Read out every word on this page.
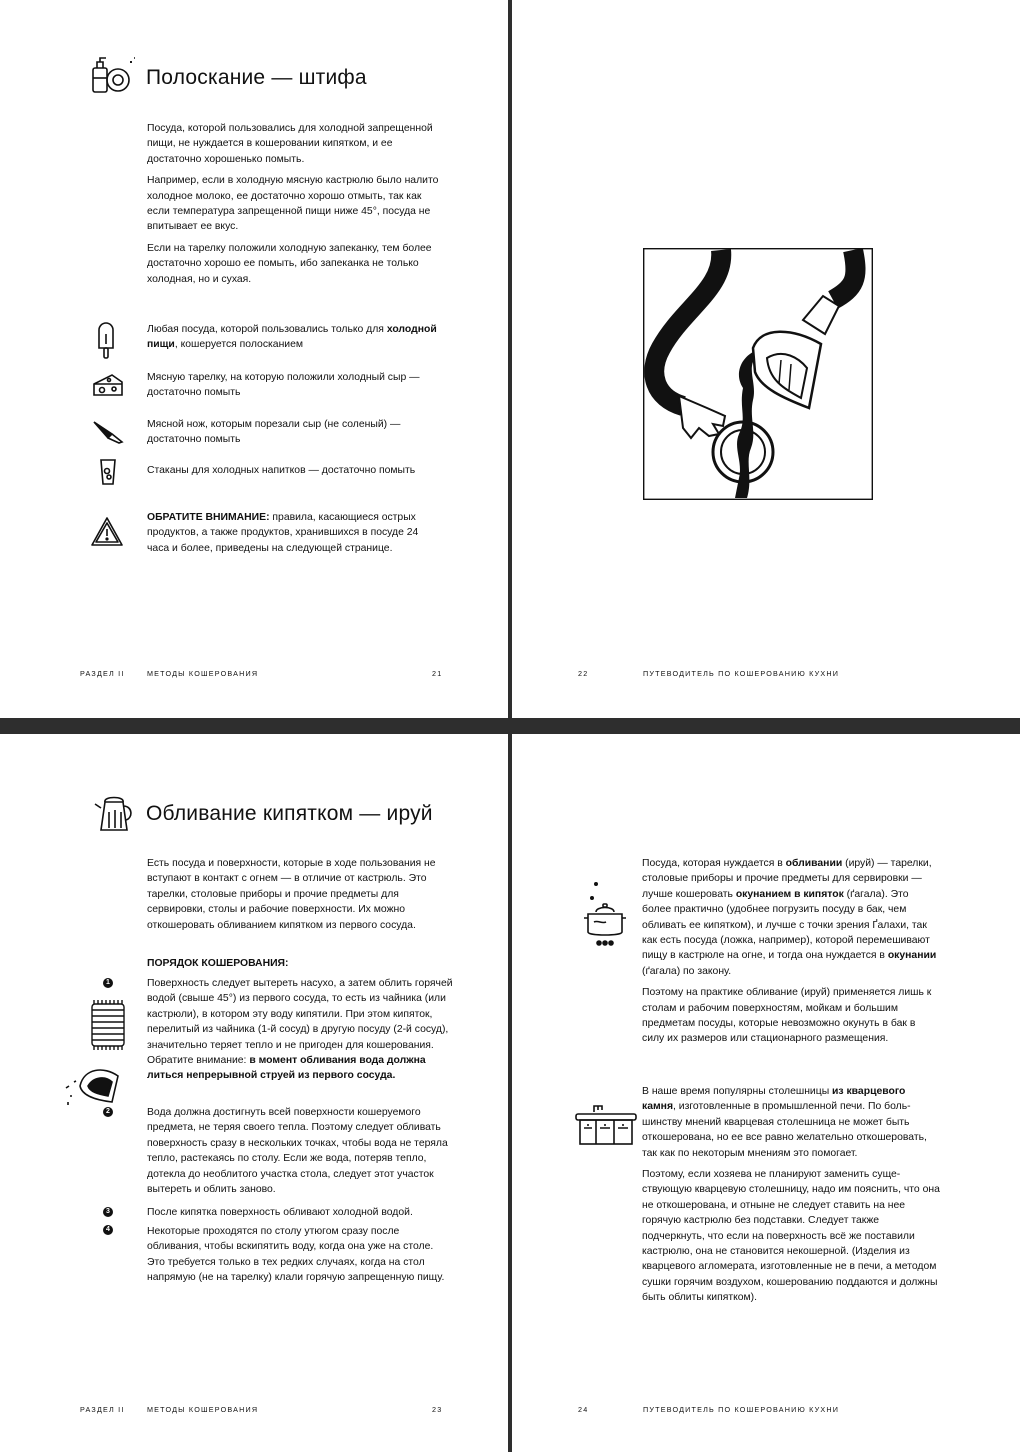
Полоскание — штифа

Посуда, которой пользовались для холодной запрещенной пищи, не нуждается в кошеровании кипятком, и ее достаточно хорошенько помыть.

Например, если в холодную мясную кастрюлю было налито холодное молоко, ее достаточно хорошо отмыть, так как если температура запрещенной пищи ниже 45°, посуда не впитывает ее вкус.

Если на тарелку положили холодную запеканку, тем более достаточно хорошо ее помыть, ибо запеканка не только холодная, но и сухая.

Любая посуда, которой пользовались только для холодной пищи, кошеруется полосканием
Мясную тарелку, на которую положили холодный сыр — достаточно помыть
Мясной нож, которым порезали сыр (не соленый) — достаточно помыть
Стаканы для холодных напитков — достаточно помыть
ОБРАТИТЕ ВНИМАНИЕ: правила, касающиеся острых продуктов, а также продуктов, хранившихся в посуде 24 часа и более, приведены на следующей странице.
РАЗДЕЛ II	МЕТОДЫ КОШЕРОВАНИЯ	21	22	ПУТЕВОДИТЕЛЬ ПО КОШЕРОВАНИЮ КУХНИ
Обливание кипятком — ируй
Есть посуда и поверхности, которые в ходе пользования не вступают в контакт с огнем — в отличие от кастрюль. Это тарелки, столовые приборы и прочие предметы для сервировки, столы и рабочие поверхности. Их можно откошеровать обливанием кипятком из первого сосуда.
ПОРЯДОК КОШЕРОВАНИЯ:
1	Поверхность следует вытереть насухо, а затем облить горячей водой (свыше 45°) из первого сосуда, то есть из чайника (или кастрюли), в котором эту воду кипятили. При этом кипяток, перелитый из чайника (1-й сосуд) в другую посуду (2-й сосуд), значительно теряет тепло и не пригоден для кошерования. Обратите внимание: в момент обливания вода должна литься непрерывной струей из первого сосуда.
2	Вода должна достигнуть всей поверхности кошеруемого предмета, не теряя своего тепла. Поэтому следует обливать поверхность сразу в нескольких точках, чтобы вода не теряла тепло, растекаясь по столу. Если же вода, потеряв тепло, дотекла до необлитого участка стола, следует этот участок вытереть и облить заново.
3	После кипятка поверхность обливают холодной водой.
4	Некоторые проходятся по столу утюгом сразу после обливания, чтобы вскипятить воду, когда она уже на столе. Это требуется только в тех редких случаях, когда на стол напрямую (не на тарелку) клали горячую запрещенную пищу.
РАЗДЕЛ II	МЕТОДЫ КОШЕРОВАНИЯ	23

Посуда, которая нуждается в обливании (ируй) — тарелки, столовые приборы и прочие предметы для сервировки — лучше кошеровать окунанием в кипяток (ґагала). Это более практично (удобнее погрузить посуду в бак, чем обливать ее кипятком), и лучше с точки зрения Ґалахи, так как есть посуда (ложка, например), которой перемешивают пищу в кастрюле на огне, и тогда она нуждается в окунании (ґагала) по закону.

Поэтому на практике обливание (ируй) применяется лишь к столам и рабочим поверхностям, мойкам и большим предметам посуды, которые невозможно окунуть в бак в силу их размеров или стационарного размещения.

В наше время популярны столешницы из кварцевого камня, изготовленные в промышленной печи. По большинству мнений кварцевая столешница не может быть откошерована, но ее все равно желательно откошеровать, так как по некоторым мнениям это помогает.

Поэтому, если хозяева не планируют заменить существующую кварцевую столешницу, надо им пояснить, что она не откошерована, и отныне не следует ставить на нее горячую кастрюлю без подставки. Следует также подчеркнуть, что если на поверхность всё же поставили кастрюлю, она не становится некошерной. (Изделия из кварцевого агломерата, изготовленные не в печи, а методом сушки горячим воздухом, кошерованию поддаются и должны быть облиты кипятком).

24	ПУТЕВОДИТЕЛЬ ПО КОШЕРОВАНИЮ КУХНИ
